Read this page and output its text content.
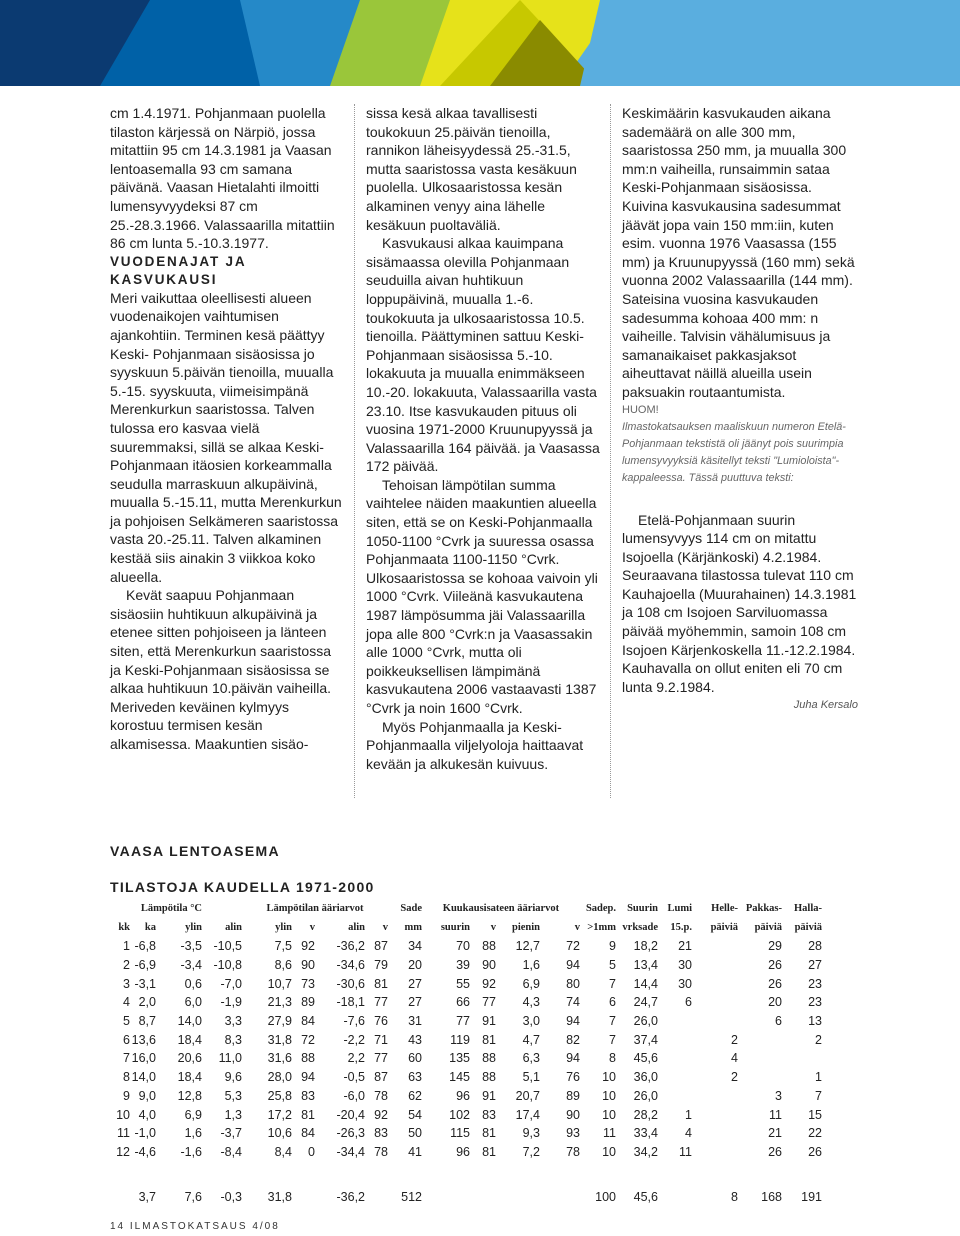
cm 1.4.1971. Pohjanmaan puolella tilaston kärjessä on Närpiö, jossa mitattiin 95 cm 14.3.1981 ja Vaasan lentoasemalla 93 cm samana päivänä. Vaasan Hietalahti ilmoitti lumensyvyydeksi 87 cm 25.-28.3.1966. Valassaarilla mitattiin 86 cm lunta 5.-10.3.1977.

VUODENAJAT JA KASVUKAUSI

Meri vaikuttaa oleellisesti alueen vuodenaikojen vaihtumisen ajankohtiin. Terminen kesä päättyy Keski- Pohjanmaan sisäosissa jo syyskuun 5.päivän tienoilla, muualla 5.-15. syyskuuta, viimeisimpänä Merenkurkun saaristossa. Talven tulossa ero kasvaa vielä suuremmaksi, sillä se alkaa Keski-Pohjanmaan itäosien korkeammalla seudulla marraskuun alkupäivinä, muualla 5.-15.11, mutta Merenkurkun ja pohjoisen Selkämeren saaristossa vasta 20.-25.11. Talven alkaminen kestää siis ainakin 3 viikkoa koko alueella.

Kevät saapuu Pohjanmaan sisäosiin huhtikuun alkupäivinä ja etenee sitten pohjoiseen ja länteen siten, että Merenkurkun saaristossa ja Keski-Pohjanmaan sisäosissa se alkaa huhtikuun 10.päivän vaiheilla. Meriveden keväinen kylmyys korostuu termisen kesän alkamisessa. Maakuntien sisäo-

sissa kesä alkaa tavallisesti toukokuun 25.päivän tienoilla, rannikon läheisyydessä 25.-31.5, mutta saaristossa vasta kesäkuun puolella. Ulkosaaristossa kesän alkaminen venyy aina lähelle kesäkuun puoltaväliä.

Kasvukausi alkaa kauimpana sisämaassa olevilla Pohjanmaan seuduilla aivan huhtikuun loppupäivinä, muualla 1.-6. toukokuuta ja ulkosaaristossa 10.5. tienoilla. Päättyminen sattuu Keski- Pohjanmaan sisäosissa 5.-10. lokakuuta ja muualla enimmäkseen 10.-20. lokakuuta, Valassaarilla vasta 23.10. Itse kasvukauden pituus oli vuosina 1971-2000 Kruunupyyssä ja Valassaarilla 164 päivää. ja Vaasassa 172 päivää.

Tehoisan lämpötilan summa vaihtelee näiden maakuntien alueella siten, että se on Keski-Pohjanmaalla 1050-1100 °Cvrk ja suuressa osassa Pohjanmaata 1100-1150 °Cvrk. Ulkosaaristossa se kohoaa vaivoin yli 1000 °Cvrk. Viileänä kasvukautena 1987 lämpösumma jäi Valassaarilla jopa alle 800 °Cvrk:n ja Vaasassakin alle 1000 °Cvrk, mutta oli poikkeuksellisen lämpimänä kasvukautena 2006 vastaavasti 1387 °Cvrk ja noin 1600 °Cvrk.

Myös Pohjanmaalla ja Keski-Pohjanmaalla viljelyoloja haittaavat kevään ja alkukesän kuivuus.

Keskimäärin kasvukauden aikana sademäärä on alle 300 mm, saaristossa 250 mm, ja muualla 300 mm:n vaiheilla, runsaimmin sataa Keski-Pohjanmaan sisäosissa. Kuivina kasvukausina sadesummat jäävät jopa vain 150 mm:iin, kuten esim. vuonna 1976 Vaasassa (155 mm) ja Kruunupyyssä (160 mm) sekä vuonna 2002 Valassaarilla (144 mm). Sateisina vuosina kasvukauden sadesumma kohoaa 400 mm: n vaiheille. Talvisin vähälumisuus ja samanaikaiset pakkasjaksot aiheuttavat näillä alueilla usein paksuakin routaantumista.

HUOM!

Ilmastokatsauksen maaliskuun numeron Etelä-Pohjanmaan tekstistä oli jäänyt pois suurimpia lumensyvyyksiä käsitellyt teksti "Lumioloista"- kappaleessa. Tässä puuttuva teksti:

Etelä-Pohjanmaan suurin lumensyvyys 114 cm on mitattu Isojoella (Kärjänkoski) 4.2.1984. Seuraavana tilastossa tulevat 110 cm Kauhajoella (Muurahainen) 14.3.1981 ja 108 cm Isojoen Sarviluomassa päivää myöhemmin, samoin 108 cm Isojoen Kärjenkoskella 11.-12.2.1984. Kauhavalla on ollut eniten eli 70 cm lunta 9.2.1984.

Juha Kersalo

VAASA LENTOASEMA
TILASTOJA KAUDELLA 1971-2000
Lämpötila °C				Lämpötilan ääriarvot				Sade	Kuukausisateen ääriarvot				Sadep.	Suurin	Lumi	Helle-	Pakkas-	Halla-
kk	ka	ylin	alin	ylin	v	alin	v	mm	suurin	v	pienin	v	>1mm	vrksade	15.p.	päiviä	päiviä	päiviä
1	-6,8	-3,5	-10,5	7,5	92	-36,2	87	34	70	88	12,7	72	9	18,2	21		29	28
2	-6,9	-3,4	-10,8	8,6	90	-34,6	79	20	39	90	1,6	94	5	13,4	30		26	27
3	-3,1	0,6	-7,0	10,7	73	-30,6	81	27	55	92	6,9	80	7	14,4	30		26	23
4	2,0	6,0	-1,9	21,3	89	-18,1	77	27	66	77	4,3	74	6	24,7	6		20	23
5	8,7	14,0	3,3	27,9	84	-7,6	76	31	77	91	3,0	94	7	26,0			6	13
6	13,6	18,4	8,3	31,8	72	-2,2	71	43	119	81	4,7	82	7	37,4		2		2
7	16,0	20,6	11,0	31,6	88	2,2	77	60	135	88	6,3	94	8	45,6		4		
8	14,0	18,4	9,6	28,0	94	-0,5	87	63	145	88	5,1	76	10	36,0		2		1
9	9,0	12,8	5,3	25,8	83	-6,0	78	62	96	91	20,7	89	10	26,0			3	7
10	4,0	6,9	1,3	17,2	81	-20,4	92	54	102	83	17,4	90	10	28,2	1		11	15
11	-1,0	1,6	-3,7	10,6	84	-26,3	83	50	115	81	9,3	93	11	33,4	4		21	22
12	-4,6	-1,6	-8,4	8,4	0	-34,4	78	41	96	81	7,2	78	10	34,2	11		26	26

	3,7	7,6	-0,3	31,8		-36,2		512					100	45,6		8	168	191
14 ILMASTOKATSAUS 4/08
